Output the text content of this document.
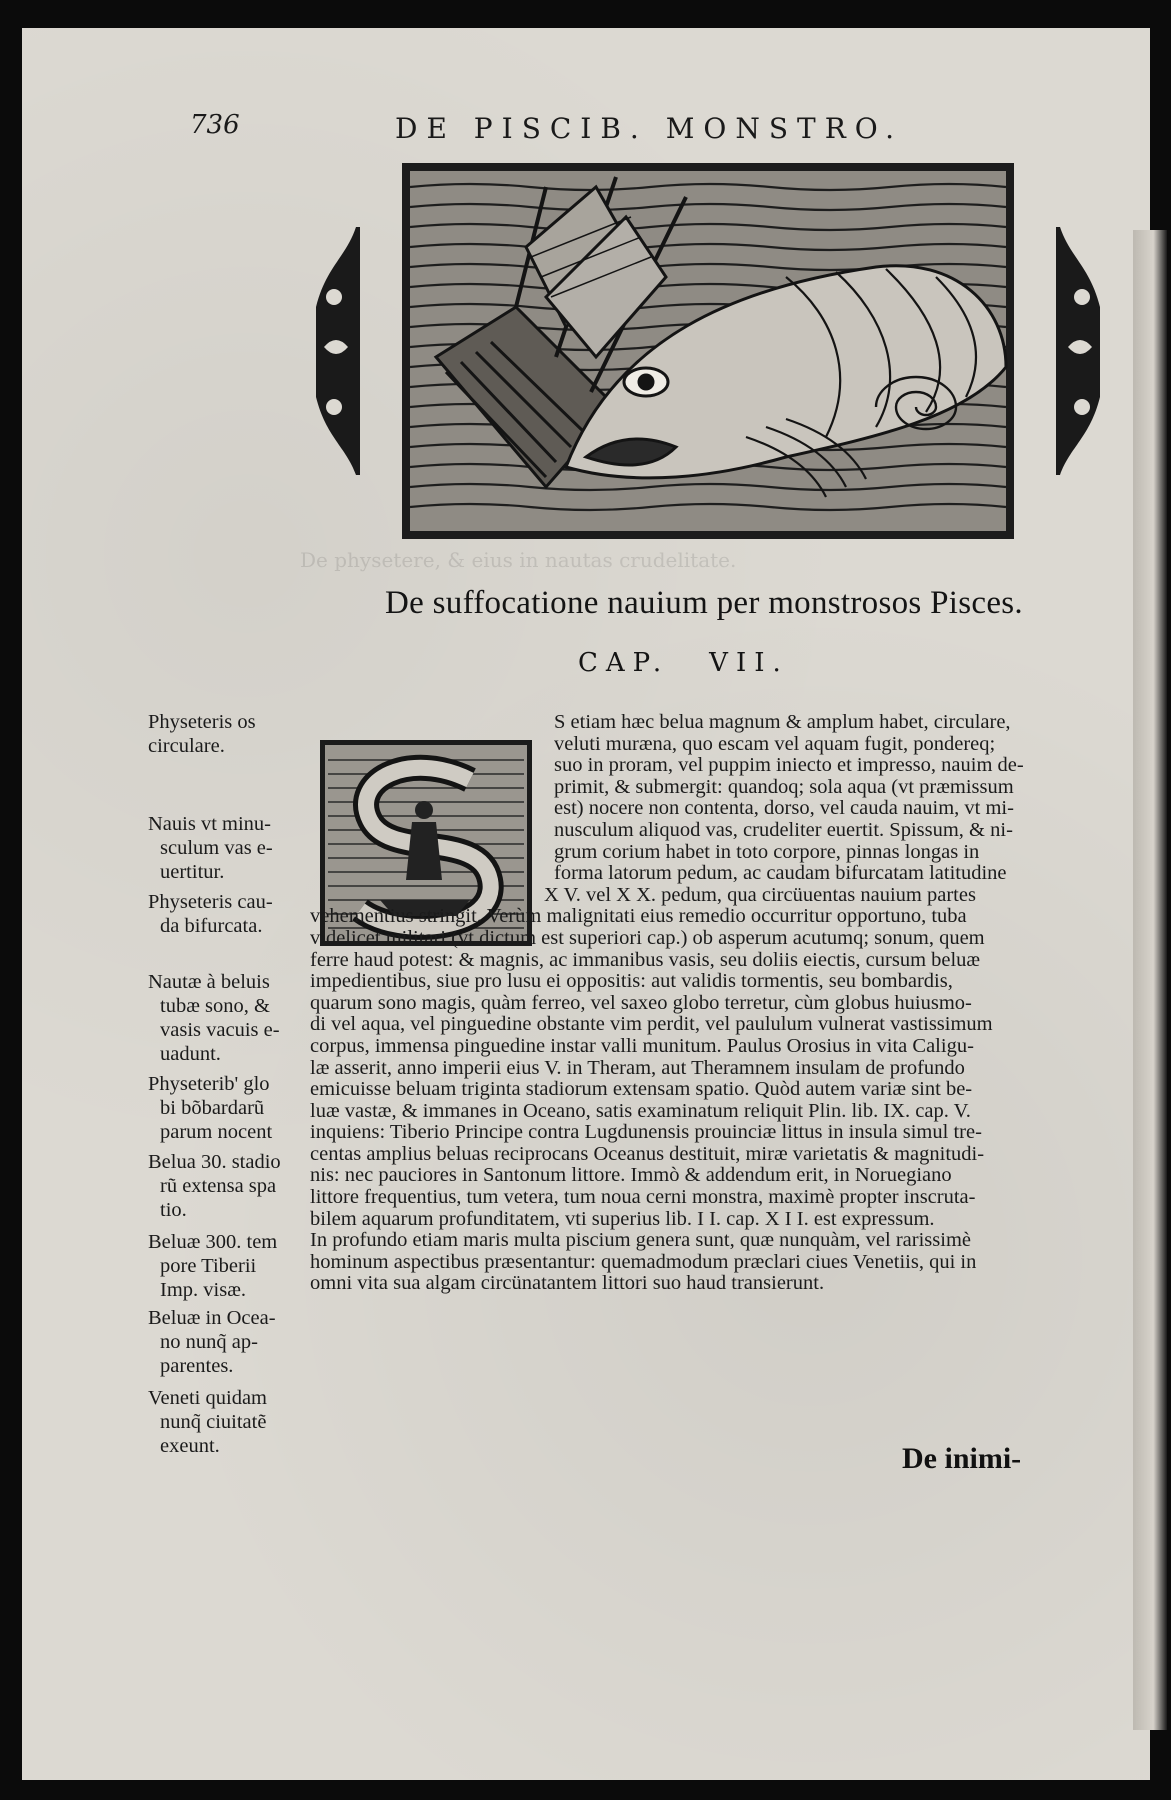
736	DE PISCIB. MONSTRO.
De physetere, & eius in nautas crudelitate.
De suffocatione nauium per monstrosos Pisces.
CAP. VII.
S etiam hæc belua magnum & amplum habet, circulare,
veluti muræna, quo escam vel aquam fugit, pondereq;
suo in proram, vel puppim iniecto et impresso, nauim de-
primit, & submergit: quandoq; sola aqua (vt præmissum
est) nocere non contenta, dorso, vel cauda nauim, vt mi-
nusculum aliquod vas, crudeliter euertit. Spissum, & ni-
grum corium habet in toto corpore, pinnas longas in
forma latorum pedum, ac caudam bifurcatam latitudine
X V. vel X X. pedum, qua circüuentas nauium partes
vehementius stringit. Verùm malignitati eius remedio occurritur opportuno, tuba
videlicet militari (vt dictum est superiori cap.) ob asperum acutumq; sonum, quem
ferre haud potest: & magnis, ac immanibus vasis, seu doliis eiectis, cursum beluæ
impedientibus, siue pro lusu ei oppositis: aut validis tormentis, seu bombardis,
quarum sono magis, quàm ferreo, vel saxeo globo terretur, cùm globus huiusmo-
di vel aqua, vel pinguedine obstante vim perdit, vel paululum vulnerat vastissimum
corpus, immensa pinguedine instar valli munitum. Paulus Orosius in vita Caligu-
læ asserit, anno imperii eius V. in Theram, aut Theramnem insulam de profundo
emicuisse beluam triginta stadiorum extensam spatio. Quòd autem variæ sint be-
luæ vastæ, & immanes in Oceano, satis examinatum reliquit Plin. lib. IX. cap. V.
inquiens: Tiberio Principe contra Lugdunensis prouinciæ littus in insula simul tre-
centas amplius beluas reciprocans Oceanus destituit, miræ varietatis & magnitudi-
nis: nec pauciores in Santonum littore. Immò & addendum erit, in Noruegiano
littore frequentius, tum vetera, tum noua cerni monstra, maximè propter inscruta-
bilem aquarum profunditatem, vti superius lib. I I. cap. X I I. est expressum.
In profundo etiam maris multa piscium genera sunt, quæ nunquàm, vel rarissimè
hominum aspectibus præsentantur: quemadmodum præclari ciues Venetiis, qui in
omni vita sua algam circünatantem littori suo haud transierunt.
Physeteris os
circulare.
Nauis vt minu-
sculum vas e-
uertitur.
Physeteris cau-
da bifurcata.
Nautæ à beluis
tubæ sono, &
vasis vacuis e-
uadunt.
Physeterib' glo
bi bõbardarũ
parum nocent
Belua 30. stadio
rũ extensa spa
tio.
Beluæ 300. tem
pore Tiberii
Imp. visæ.
Beluæ in Ocea-
no nunq̃ ap-
parentes.
Veneti quidam
nunq̃ ciuitatẽ
exeunt.	De inimi-
